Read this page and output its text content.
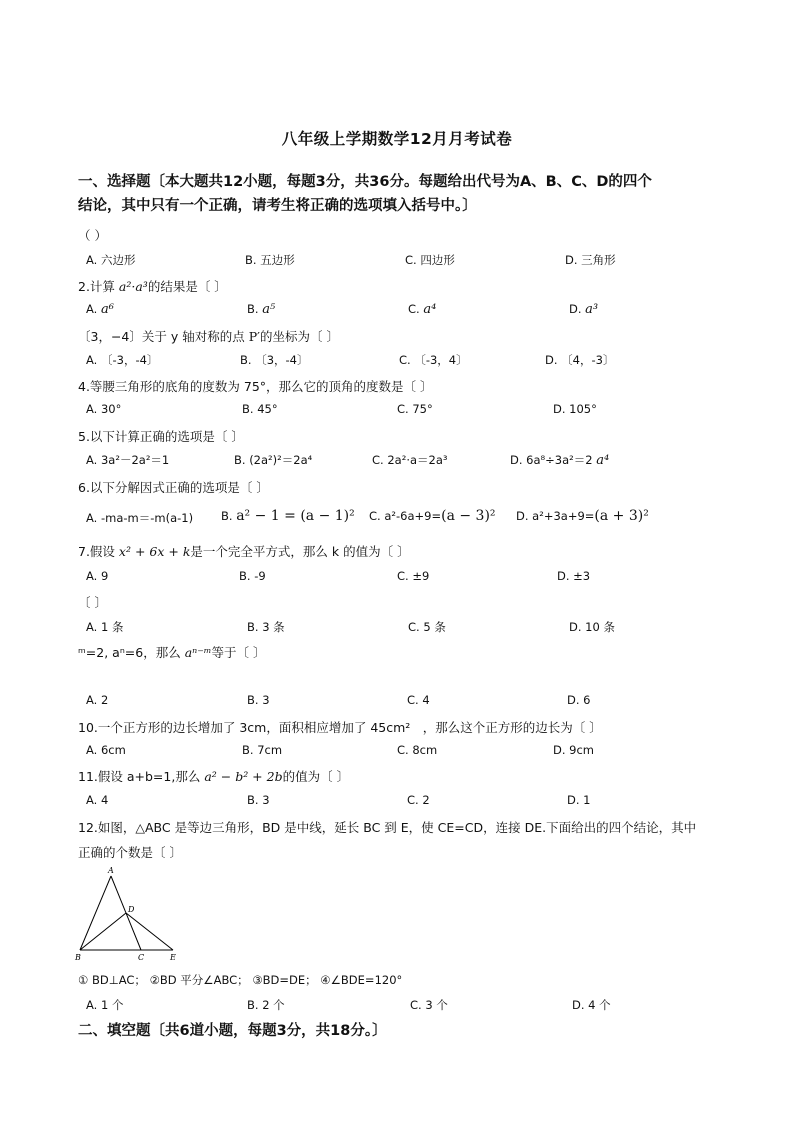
八年级上学期数学12月月考试卷
一、选择题〔本大题共12小题，每题3分，共36分。每题给出代号为A、B、C、D的四个
结论，其中只有一个正确，请考生将正确的选项填入括号中。〕
（ ）
A. 六边形	B. 五边形	C. 四边形	D. 三角形
2.计算 a²·a³的结果是〔 〕
A. a⁶	B. a⁵	C. a⁴	D. a³
〔3，−4〕关于 y 轴对称的点 P′的坐标为〔 〕
A. 〔-3，-4〕	B. 〔3，-4〕	C. 〔-3，4〕	D. 〔4，-3〕
4.等腰三角形的底角的度数为 75°，那么它的顶角的度数是〔 〕
A. 30°	B. 45°	C. 75°	D. 105°
5.以下计算正确的选项是〔 〕
A. 3a²－2a²＝1	B. (2a²)²＝2a⁴	C. 2a²·a＝2a³	D. 6a⁸÷3a²＝2 a⁴
6.以下分解因式正确的选项是〔 〕
A. -ma-m＝-m(a-1) B. a² − 1 = (a − 1)² C. a²-6a+9=(a − 3)² D. a²+3a+9=(a + 3)²
7.假设 x² + 6x + k是一个完全平方式，那么 k 的值为〔 〕
A. 9	B. -9	C. ±9	D. ±3
〔 〕
A. 1 条	B. 3 条	C. 5 条	D. 10 条
ᵐ=2, aⁿ=6，那么 aⁿ⁻ᵐ等于〔 〕
A. 2	B. 3	C. 4	D. 6
10.一个正方形的边长增加了 3cm，面积相应增加了 45cm²　，那么这个正方形的边长为〔 〕
A. 6cm	B. 7cm	C. 8cm	D. 9cm
11.假设 a+b=1,那么 a² − b² + 2b的值为〔 〕
A. 4	B. 3	C. 2	D. 1
12.如图，△ABC 是等边三角形，BD 是中线，延长 BC 到 E，使 CE=CD，连接 DE.下面给出的四个结论，其中
正确的个数是〔 〕
A
D
B	C	E
① BD⊥AC； ②BD 平分∠ABC； ③BD=DE； ④∠BDE=120°
A. 1 个	B. 2 个	C. 3 个	D. 4 个
二、填空题〔共6道小题，每题3分，共18分。〕
